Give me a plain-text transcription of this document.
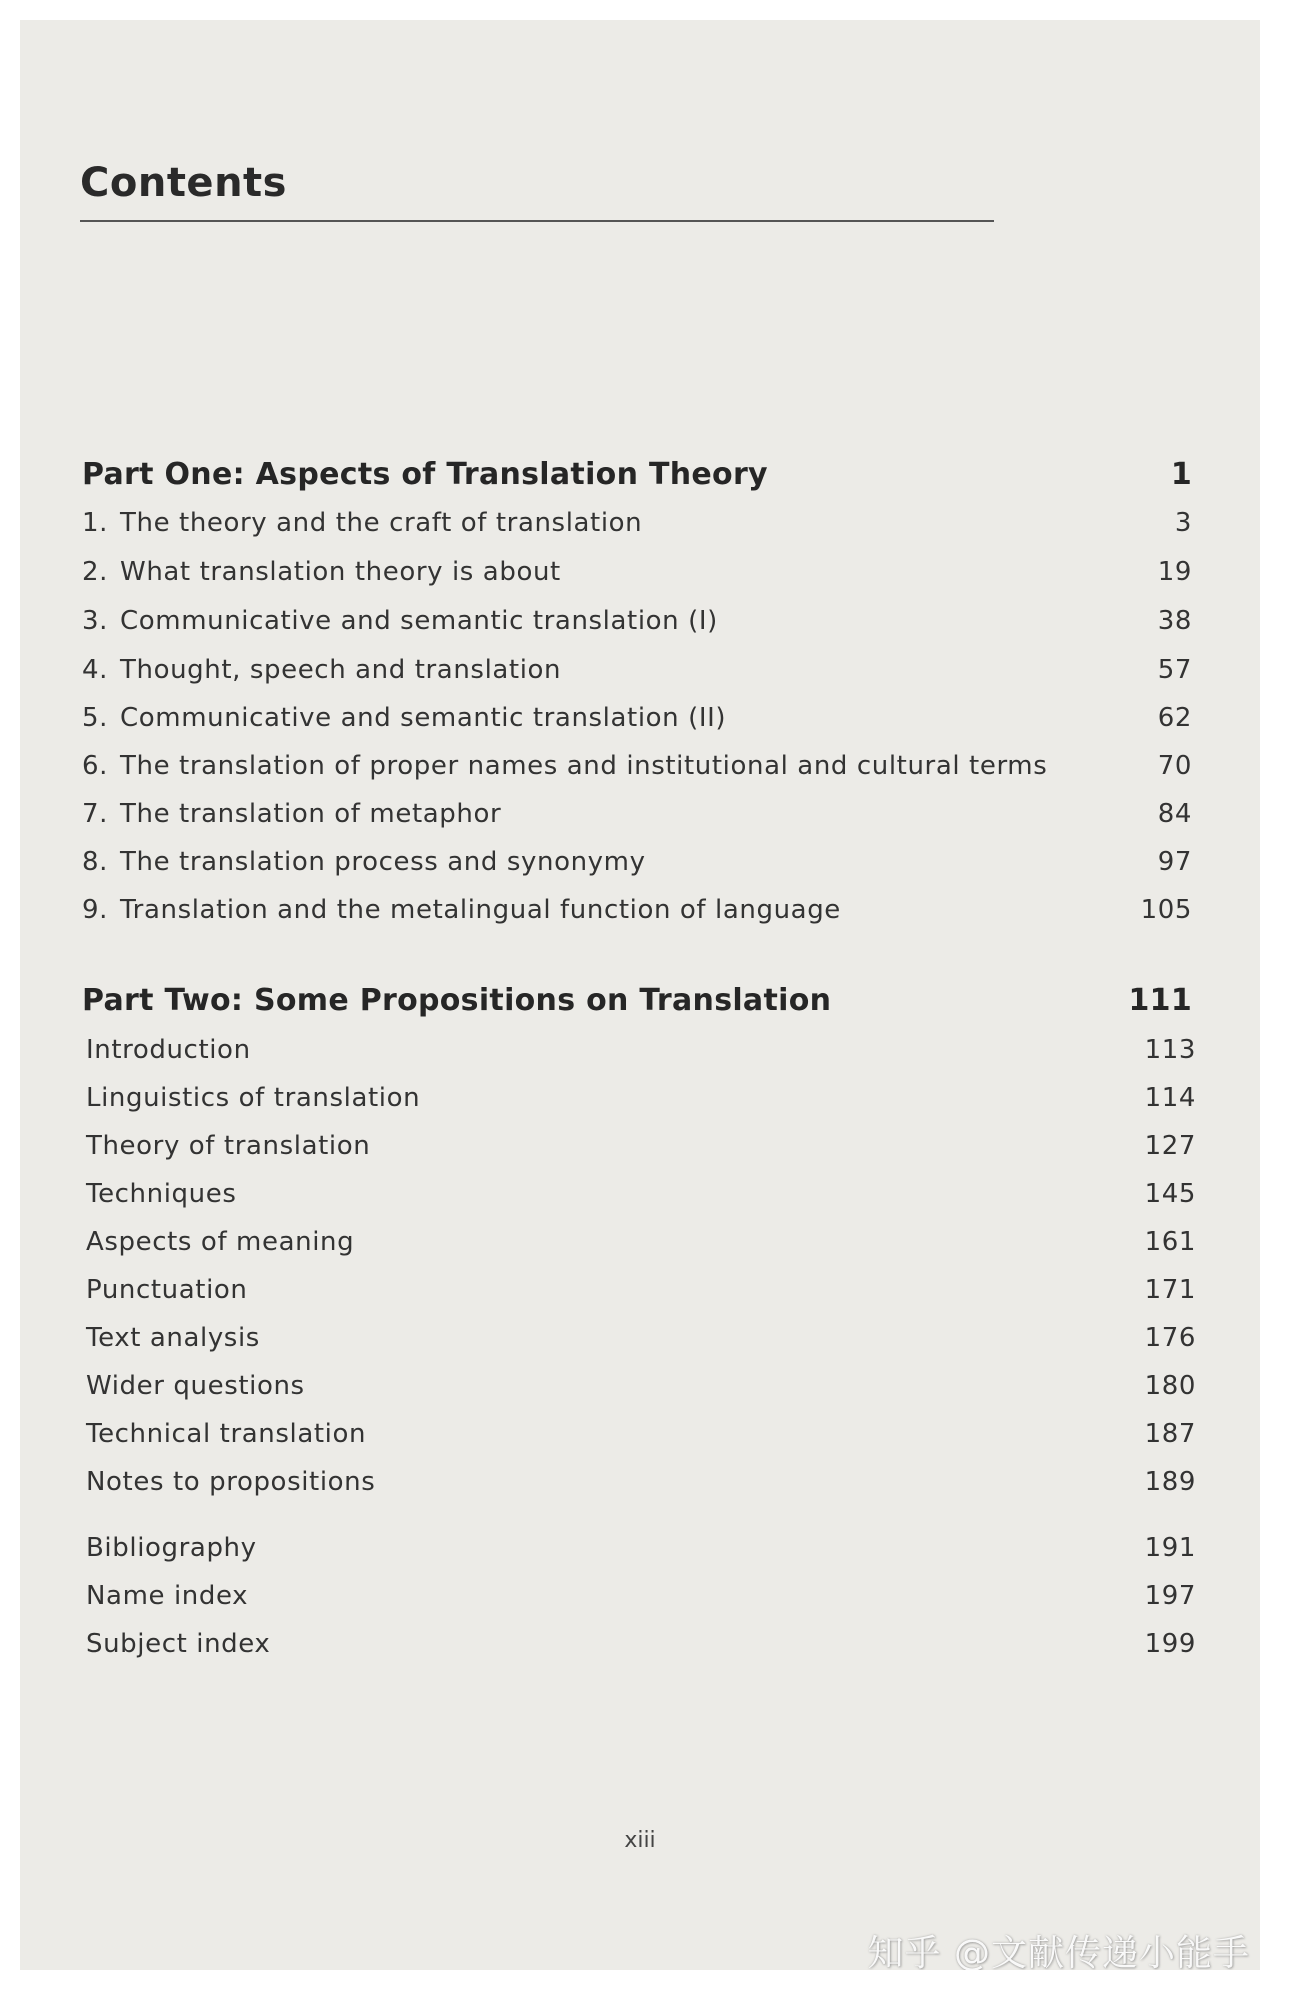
Contents
Part One: Aspects of Translation Theory	1
1. The theory and the craft of translation	3
2. What translation theory is about	19
3. Communicative and semantic translation (I)	38
4. Thought, speech and translation	57
5. Communicative and semantic translation (II)	62
6. The translation of proper names and institutional and cultural terms	70
7. The translation of metaphor	84
8. The translation process and synonymy	97
9. Translation and the metalingual function of language	105
Part Two: Some Propositions on Translation	111
Introduction	113
Linguistics of translation	114
Theory of translation	127
Techniques	145
Aspects of meaning	161
Punctuation	171
Text analysis	176
Wider questions	180
Technical translation	187
Notes to propositions	189
Bibliography	191
Name index	197
Subject index	199
xiii
知乎 @文献传递小能手
